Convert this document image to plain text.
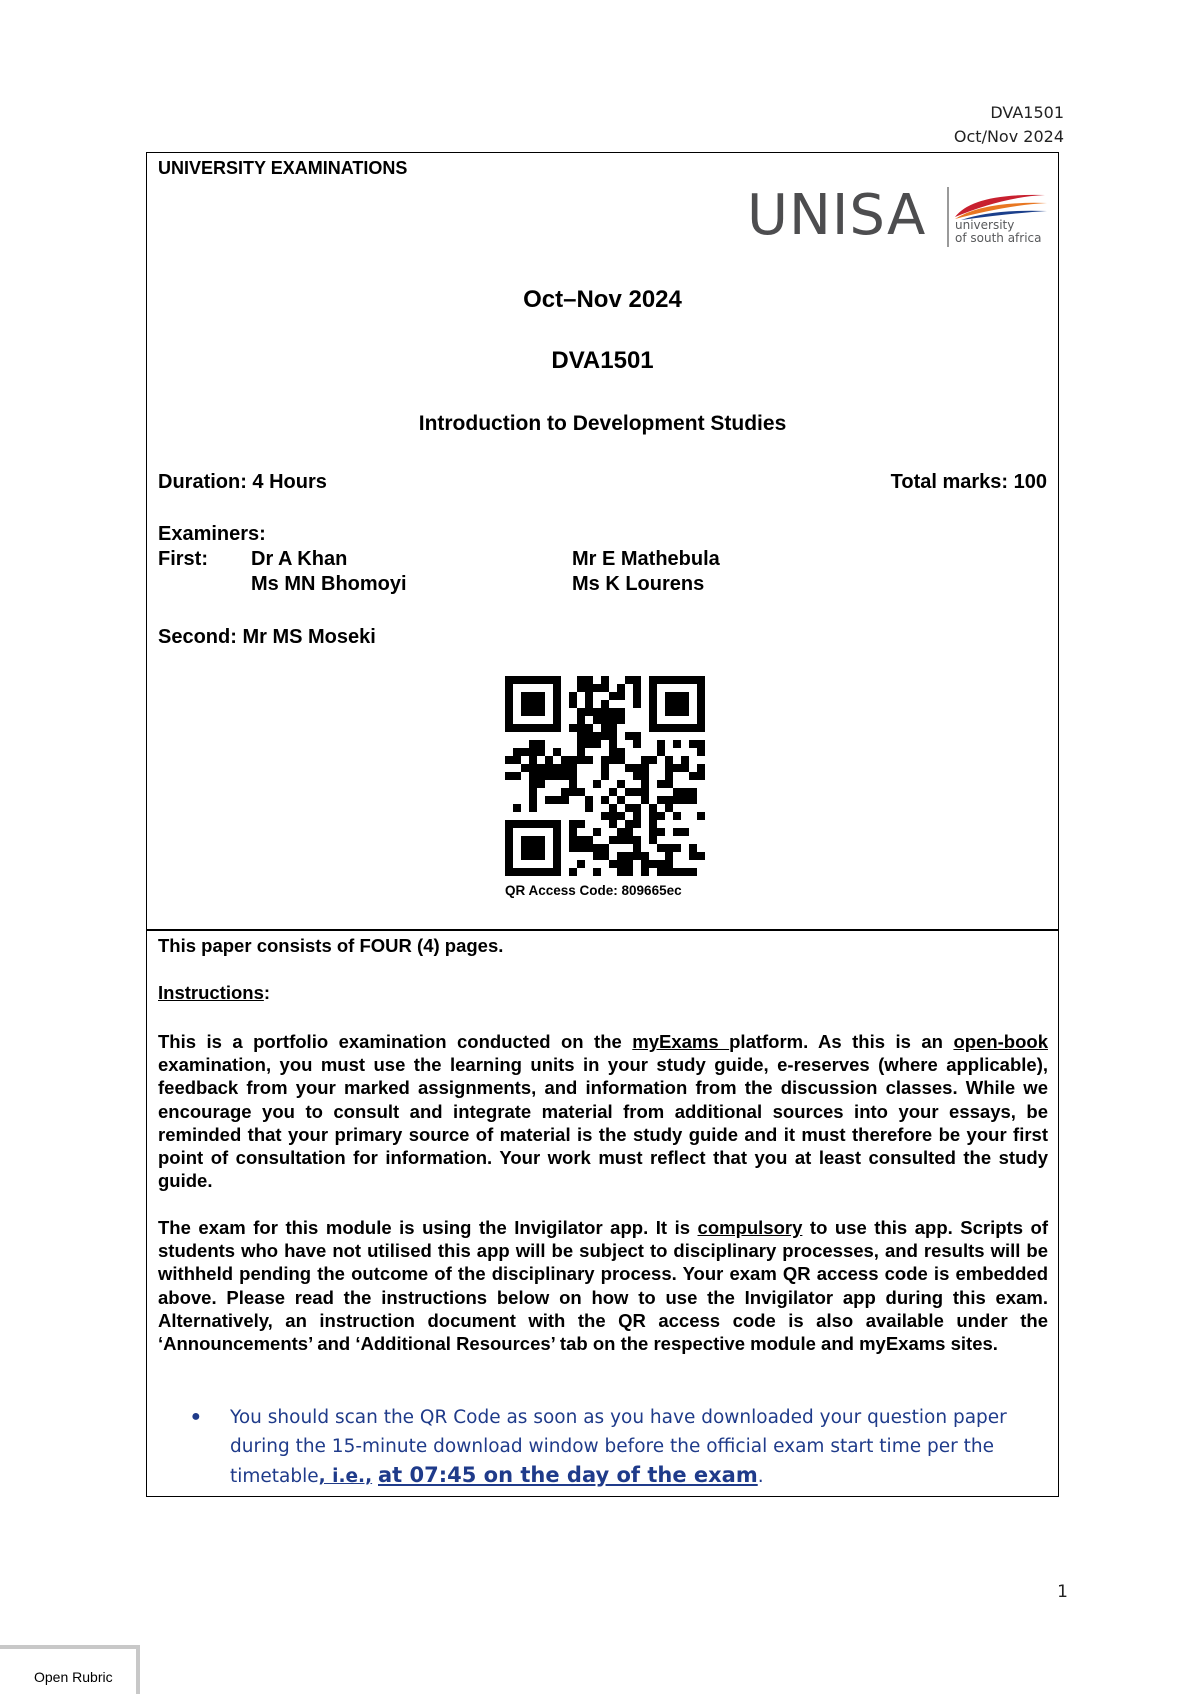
DVA1501
Oct/Nov 2024
UNIVERSITY EXAMINATIONS
UNISA university
of south africa
Oct–Nov 2024
DVA1501
Introduction to Development Studies
Duration: 4 Hours	Total marks: 100
Examiners:
First: Dr A Khan
Ms MN Bhomoyi
Mr E Mathebula
Ms K Lourens
Second: Mr MS Moseki
QR Access Code: 809665ec
This paper consists of FOUR (4) pages.
Instructions:
This is a portfolio examination conducted on the myExams platform. As this is an open-book examination, you must use the learning units in your study guide, e-reserves (where applicable), feedback from your marked assignments, and information from the discussion classes. While we encourage you to consult and integrate material from additional sources into your essays, be reminded that your primary source of material is the study guide and it must therefore be your first point of consultation for information. Your work must reflect that you at least consulted the study guide.
The exam for this module is using the Invigilator app. It is compulsory to use this app. Scripts of students who have not utilised this app will be subject to disciplinary processes, and results will be withheld pending the outcome of the disciplinary process. Your exam QR access code is embedded above. Please read the instructions below on how to use the Invigilator app during this exam. Alternatively, an instruction document with the QR access code is also available under the ‘Announcements’ and ‘Additional Resources’ tab on the respective module and myExams sites.
● You should scan the QR Code as soon as you have downloaded your question paper during the 15-minute download window before the official exam start time per the timetable, i.e., at 07:45 on the day of the exam.
1
Open Rubric
